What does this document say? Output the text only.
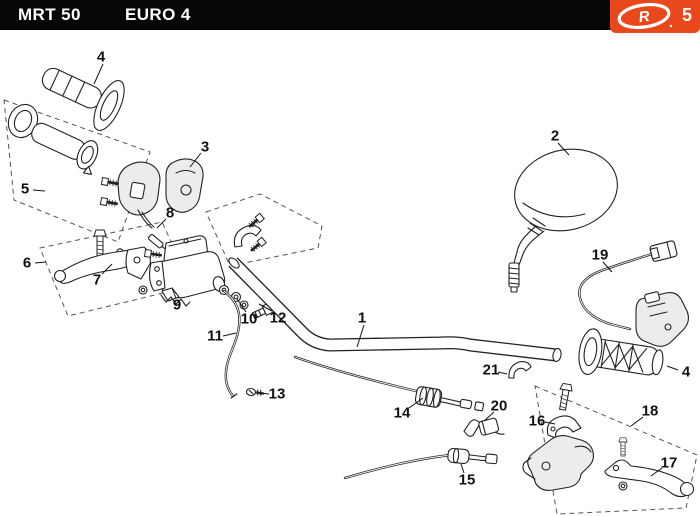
MRT 50	EURO 4	R 5
4
5
3
8
6
7
9
10
11
12
13
1
2
19
14
15
20
21
16
18
17
4
